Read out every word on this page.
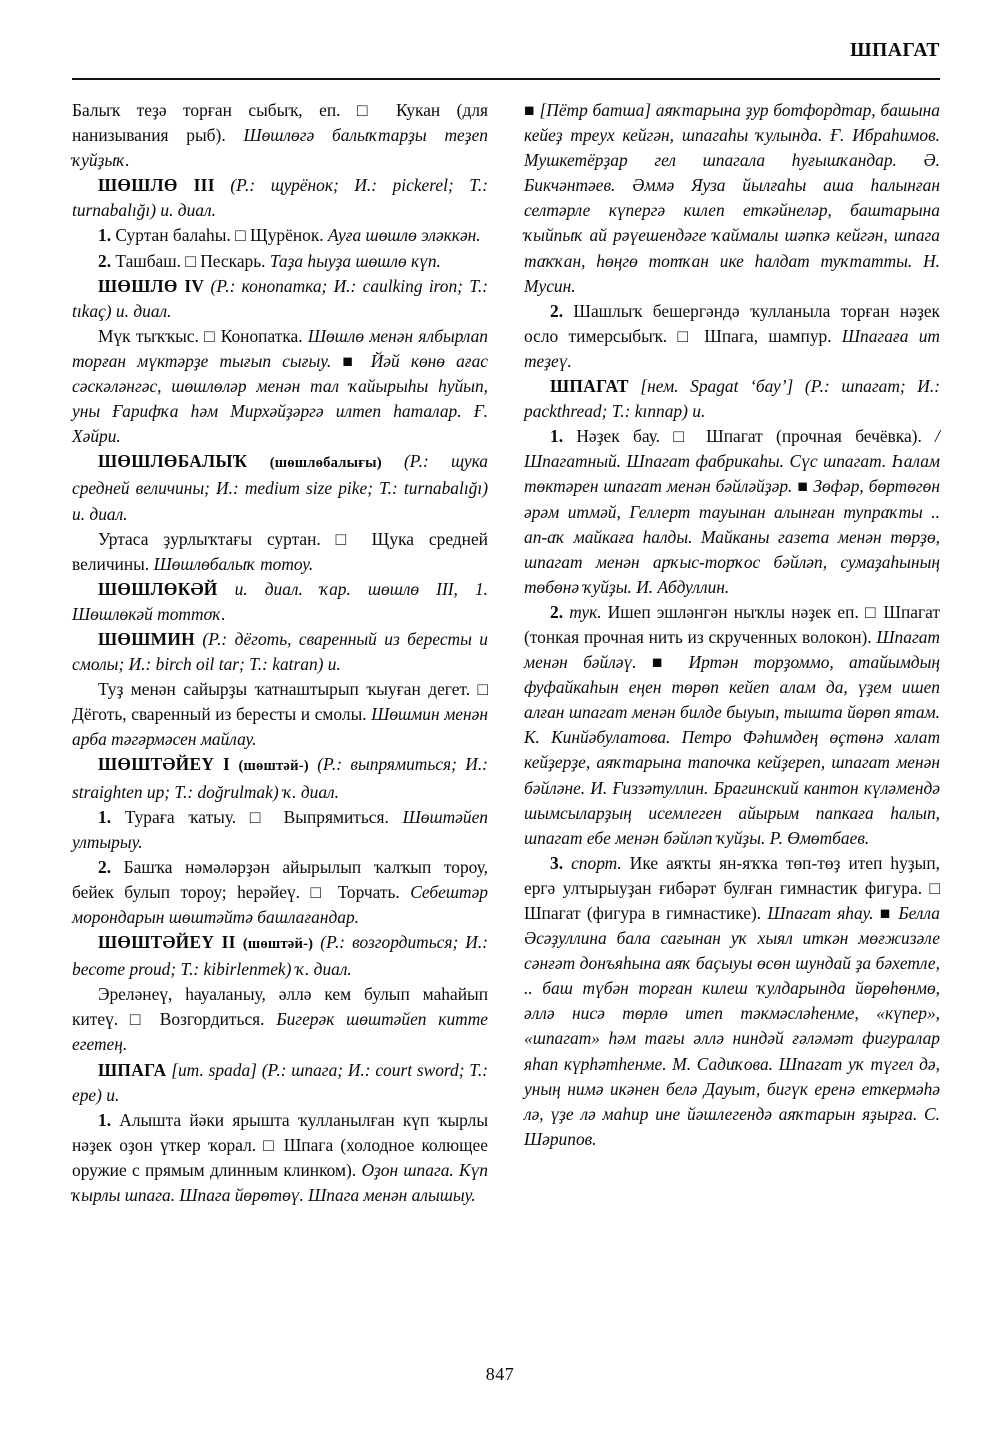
ШПАГАТ

Балыҡ теҙә торған сыбыҡ, еп. □ Кукан (для нанизывания рыб). Шөшлөгә балыҡтарҙы теҙеп ҡуйҙыҡ.

ШӨШЛӨ III (Р.: щурёнок; И.: pickerel; Т.: turnabalığı) и. диал.

1. Суртан балаһы. □ Щурёнок. Ауға шөшлө эләккән.

2. Ташбаш. □ Пескарь. Таҙа һыуҙа шөшлө күп.

ШӨШЛӨ IV (Р.: конопатка; И.: caulking iron; Т.: tıkaç) и. диал.

Мүк тыҡҡыс. □ Конопатка. Шөшлө менән ялбырлап торған мүктәрҙе тығып сығыу. ■ Йәй көнө ағас сәскәләнгәс, шөшлөләр менән тал ҡайырыһы һуйып, уны Ғарифҡа һәм Мирхәйҙәргә илтеп һаталар. Ғ. Хәйри.

ШӨШЛӨБАЛЫҠ (шөшлөбалығы) (Р.: щука средней величины; И.: medium size pike; Т.: turnabalığı) и. диал.

Уртаса ҙурлыҡтағы суртан. □ Щука средней величины. Шөшлөбалыҡ тотоу.

ШӨШЛӨКӘЙ и. диал. ҡар. шөшлө III, 1. Шөшлөкәй тоттоҡ.

ШӨШМИН (Р.: дёготь, сваренный из бересты и смолы; И.: birch oil tar; Т.: katran) и.

Туҙ менән сайырҙы ҡатнаштырып ҡыуған дегет. □ Дёготь, сваренный из бересты и смолы. Шөшмин менән арба тәгәрмәсен майлау.

ШӨШТӘЙЕҮ I (шөштәй-) (Р.: выпрямиться; И.: straighten up; Т.: doğrulmak) ҡ. диал.

1. Тураға ҡатыу. □ Выпрямиться. Шөштәйеп ултырыу.

2. Башҡа нәмәләрҙән айырылып ҡалҡып тороу, бейек булып тороу; һерәйеү. □ Торчать. Себештәр морондарын шөштәйтә башлағандар.

ШӨШТӘЙЕҮ II (шөштәй-) (Р.: возгордиться; И.: become proud; Т.: kibirlenmek) ҡ. диал.

Эреләнеү, һауаланыу, әллә кем булып маһайып китеү. □ Возгордиться. Бигерәк шөштәйеп китте егетең.

ШПАГА [ит. spada] (Р.: шпага; И.: court sword; Т.: epe) и.

1. Алышта йәки ярышта ҡулланылған күп ҡырлы нәҙек оҙон үткер ҡорал. □ Шпага (холодное колющее оружие с прямым длинным клинком). Оҙон шпага. Күп ҡырлы шпага. Шпага йөрөтөү. Шпага менән алышыу.

■ [Пётр батша] аяҡтарына ҙур ботфордтар, башына кейеҙ треух кейгән, шпагаһы ҡулында. Ғ. Ибраһимов. Мушкетёрҙар гел шпагала һуғышҡандар. Ә. Бикчәнтәев. Әммә Яуза йылғаһы аша һалынған селтәрле күпергә килеп еткәйнеләр, баштарына ҡыйпыҡ ай рәүешендәге ҡаймалы шәпкә кейгән, шпага таҡҡан, һөңгө тотҡан ике һалдат туҡтатты. Н. Мусин.

2. Шашлыҡ бешергәндә ҡулланыла торған нәҙек осло тимерсыбыҡ. □ Шпага, шампур. Шпагаға ит теҙеү.

ШПАГАТ [нем. Spagat ‘бау’] (Р.: шпагат; И.: packthread; Т.: kınnap) и.

1. Нәҙек бау. □ Шпагат (прочная бечёвка). / Шпагатный. Шпагат фабрикаһы. Сүс шпагат. Һалам төктәрен шпагат менән бәйләйҙәр. ■ Зөфәр, бөртөгөн әрәм итмәй, Геллерт тауынан алынған тупраҡты .. ап-аҡ майкаға һалды. Майканы газета менән төрҙө, шпагат менән арҡыс-торҡос бәйләп, сумаҙаһының төбөнә ҡуйҙы. И. Абдуллин.

2. тук. Ишеп эшләнгән ныҡлы нәҙек еп. □ Шпагат (тонкая прочная нить из скрученных волокон). Шпагат менән бәйләү. ■ Иртән торҙоммо, атайымдың фуфайкаһын еңен төрөп кейеп алам да, үҙем ишеп алған шпагат менән билде быуып, тышта йөрөп ятам. К. Кинйәбулатова. Петро Фәһимдең өҫтөнә халат кейҙерҙе, аяҡтарына тапочка кейҙереп, шпагат менән бәйләне. И. Ғиззәтуллин. Брагинский кантон күләмендә шымсыларҙың исемлеген айырым папкаға һалып, шпагат ебе менән бәйләп ҡуйҙы. Р. Өмөтбаев.

3. спорт. Ике аяҡты ян-яҡҡа төп-төҙ итеп һуҙып, ергә ултырыуҙан ғибәрәт булған гимнастик фигура. □ Шпагат (фигура в гимнастике). Шпагат яһау. ■ Белла Әсәҙуллина бала сағынан уҡ хыял иткән мөғжизәле сәнғәт донъяһына аяҡ баҫыуы өсөн шундай ҙа бәхетле, .. баш түбән торған килеш ҡулдарында йөрөһөнмө, әллә нисә төрлө итеп тәкмәсләһенме, «күпер», «шпагат» һәм тағы әллә ниндәй ғәләмәт фигуралар яһап күрһәтһенме. М. Садиҡова. Шпагат уҡ түгел дә, уның нимә икәнен белә Дауыт, бигүк еренә еткермәһә лә, үҙе лә маһир ине йәшлегендә аяҡтарын яҙырға. С. Шәрипов.

847
